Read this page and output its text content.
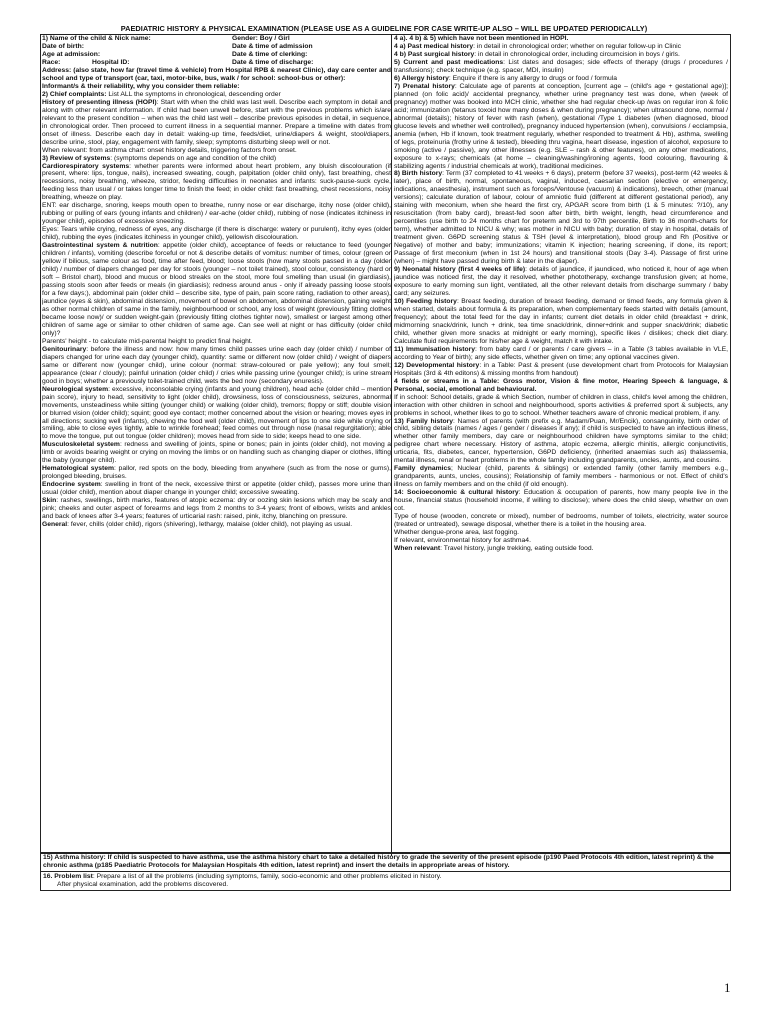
PAEDIATRIC HISTORY & PHYSICAL EXAMINATION (PLEASE USE AS A GUIDELINE FOR CASE WRITE-UP ALSO – WILL BE UPDATED PERIODICALLY)
1) Name of the child & Nick name:	Gender: Boy / Girl
Date of birth:	Date & time of admission
Age at admission:	Date & time of clerking:
Race:	Hospital ID:	Date & time of discharge:

Address: (also state, how far (travel time & vehicle) from Hospital RPB & nearest Clinic), day care center and school and type of transport (car, taxi, motor-bike, bus, walk / for school: school-bus or other):

Informant/s & their reliability, why you consider them reliable:

2) Chief complaints: List ALL the symptoms in chronological, descending order

History of presenting illness (HOPI): Start with when the child was last well. Describe each symptom in detail and along with other relevant information. If child had been unwell before, start with the previous problems which is/are relevant to the present condition – when was the child last well – describe previous episodes in detail, in sequence, in chronological order. Then proceed to current illness in a sequential manner. Prepare a timeline with dates from onset of illness. Describe each day in detail: waking-up time, feeds/diet, urine/diapers & weight, stool/diapers, describe urine, stool, play, engagement with family, sleep; symptoms disturbing sleep well or not.

When relevant: from asthma chart: onset history details, triggering factors from onset.

3) Review of systems: (symptoms depends on age and condition of the child)

Cardiorespiratory systems: whether parents were informed about heart problem, any bluish discolouration (if present, where: lips, tongue, nails), increased sweating, cough, palpitation (older child only), fast breathing, chest recessions, noisy breathing, wheeze, stridor, feeding difficulties in neonates and infants: suck-pause-suck cycle, feeding less than usual / or takes longer time to finish the feed; in older child: fast breathing, chest recessions, noisy breathing, wheeze on play.

ENT: ear discharge, snoring, keeps mouth open to breathe, runny nose or ear discharge, itchy nose (older child), rubbing or pulling of ears (young infants and children) / ear-ache (older child), rubbing of nose (indicates itchiness in younger child), episodes of excessive sneezing.

Eyes: Tears while crying, redness of eyes, any discharge (if there is discharge: watery or purulent), itchy eyes (older child), rubbing the eyes (indicates itchiness in younger child), yellowish discolouration.

Gastrointestinal system & nutrition: appetite (older child), acceptance of feeds or reluctance to feed (younger children / infants), vomiting (describe forceful or not & describe details of vomitus: number of times, colour (green or yellow if bilious, same colour as food, time after feed, blood; loose stools (how many stools passed in a day (older child) / number of diapers changed per day for stools (younger – not toilet trained), stool colour, consistency (hard or soft – Bristol chart), blood and mucus or blood streaks on the stool, more foul smelling than usual (in giardiasis), passing stools soon after feeds or meals (in giardiasis); redness around anus - only if already passing loose stools for a few days;), abdominal pain (older child – describe site, type of pain, pain score rating, radiation to other areas), jaundice (eyes & skin), abdominal distension, movement of bowel on abdomen, abdominal distension, gaining weight as other normal children of same in the family, neighbourhood or school, any loss of weight (previously fitting clothes became loose now)/ or sudden weight-gain (previously fitting clothes tighter now), smallest or largest among other children of same age or similar to other children of same age. Can see well at night or has difficulty (older child only)?

Parents' height - to calculate mid-parental height to predict final height.

Genitourinary: before the illness and now: how many times child passes urine each day (older child) / number of diapers changed for urine each day (younger child), quantity: same or different now (older child) / weight of diapers same or different now (younger child), urine colour (normal: straw-coloured or pale yellow); any foul smell; appearance (clear / cloudy); painful urination (older child) / cries while passing urine (younger child); is urine stream good in boys; whether a previously toilet-trained child, wets the bed now (secondary enuresis).

Neurological system: excessive, inconsolable crying (infants and young children), head ache (older child – mention pain score), injury to head, sensitivity to light (older child), drowsiness, loss of consciousness, seizures, abnormal movements, unsteadiness while sitting (younger child) or walking (older child), tremors; floppy or stiff; double vision or blurred vision (older child); squint; good eye contact; mother concerned about the vision or hearing; moves eyes in all directions; sucking well (infants), chewing the food well (older child), movement of lips to one side while crying or smiling, able to close eyes tightly, able to wrinkle forehead; feed comes out through nose (nasal regurgitation); able to move the tongue, put out tongue (older children); moves head from side to side; keeps head to one side.

Musculoskeletal system: redness and swelling of joints, spine or bones; pain in joints (older child), not moving a limb or avoids bearing weight or crying on moving the limbs or on handling such as changing diaper or clothes, lifting the baby (younger child).

Hematological system: pallor, red spots on the body, bleeding from anywhere (such as from the nose or gums), prolonged bleeding, bruises.

Endocrine system: swelling in front of the neck, excessive thirst or appetite (older child), passes more urine than usual (older child), mention about diaper change in younger child; excessive sweating.

Skin: rashes, swellings, birth marks, features of atopic eczema: dry or oozing skin lesions which may be scaly and pink; cheeks and outer aspect of forearms and legs from 2 months to 3-4 years; front of elbows, wrists and ankles and back of knees after 3-4 years; features of urticarial rash: raised, pink, itchy, blanching on pressure.

General: fever, chills (older child), rigors (shivering), lethargy, malaise (older child), not playing as usual.

4 a). 4 b) & 5) which have not been mentioned in HOPI.

4 a) Past medical history: in detail in chronological order; whether on regular follow-up in Clinic

4 b) Past surgical history: in detail in chronological order, including circumcision in boys / girls.

5) Current and past medications: List dates and dosages; side effects of therapy (drugs / procedures / transfusions); check technique (e.g. spacer, MDI, insulin)

6) Allergy history: Enquire if there is any allergy to drugs or food / formula

7) Prenatal history: Calculate age of parents at conception, [current age – (child's age + gestational age)]; planned (on folic acid)/ accidental pregnancy, whether urine pregnancy test was done, when (week of pregnancy) mother was booked into MCH clinic, whether she had regular check-up /was on regular iron & folic acid; immunization (tetanus toxoid how many doses & when during pregnancy); when ultrasound done, normal / abnormal (details); history of fever with rash (when), gestational /Type 1 diabetes (when diagnosed, blood glucose levels and whether well controlled), pregnancy induced hypertension (when), convulsions / ecclampsia, anemia (when, Hb if known, took treatment regularly, whether responded to treatment & Hb), asthma, swelling of legs, proteinuria (frothy urine & tested), bleeding thru vagina, heart disease, ingestion of alcohol, exposure to smoking (active / passive), any other illnesses (e.g. SLE – rash & other features), on any other medications, exposure to x-rays; chemicals (at home – cleaning/washing/ironing agents, food colouring, flavouring & stabilizing agents / industrial chemicals at work), traditional medicines.

8) Birth history: Term (37 completed to 41 weeks + 6 days), preterm (before 37 weeks), post-term (42 weeks & later), place of birth, normal, spontaneous, vaginal, induced, caesarian section (elective or emergency, indications, anaesthesia), instrument such as forceps/Ventouse (vacuum) & indications), breech, other (manual versions); calculate duration of labour, colour of amniotic fluid (different at different gestational period), any staining with meconium, when she heard the first cry, APGAR score from birth (1 & 5 minutes: ?/10), any resuscitation (from baby card), breast-fed soon after birth, birth weight, length, head circumference and percentiles (use birth to 24 months chart for preterm and 3rd to 97th percentile, Birth to 36 month-charts for term), whether admitted to NICU & why; was mother in NICU with baby; duration of stay in hospital, details of treatment given. G6PD screening status & TSH (level & interpretation), blood group and Rh (Positive or Negative) of mother and baby; immunizations; vitamin K injection; hearing screening, if done, its report; Passage of first meconium (when in 1st 24 hours) and transitional stools (Day 3-4). Passage of first urine (when) – might have passed during birth & later in the diaper).

9) Neonatal history (first 4 weeks of life): details of jaundice, if jaundiced, who noticed it, hour of age when jaundice was noticed first, the day it resolved, whether phototherapy, exchange transfusion given; at home, exposure to early morning sun light, ventilated, all the other relevant details from discharge summary / baby card; any seizures.

10) Feeding history: Breast feeding, duration of breast feeding, demand or timed feeds, any formula given & when started, details about formula & its preparation, when complementary feeds started with details (amount, frequency); about the total feed for the day in infants; current diet details in older child (breakfast + drink, midmorning snack/drink, lunch + drink, tea time snack/drink, dinner+drink and supper snack/drink; diabetic child, whether given more snacks at midnight or early morning), specific likes / dislikes; check diet diary. Calculate fluid requirements for his/her age & weight, match it with intake.

11) Immunisation history: from baby card / or parents / care givers – in a Table (3 tables available in VLE, according to Year of birth); any side effects, whether given on time; any optional vaccines given.

12) Developmental history: in a Table: Past & present (use development chart from Protocols for Malaysian Hospitals (3rd & 4th editons) & missing months from handout)

4 fields or streams in a Table: Gross motor, Vision & fine motor, Hearing Speech & language, & Personal, social, emotional and behavioural.

If in school: School details, grade & which Section, number of children in class, child's level among the children, interaction with other children in school and neighbourhood, sports activities & preferred sport & subjects, any problems in school, whether likes to go to school. Whether teachers aware of chronic medical problem, if any.

13) Family history: Names of parents (with prefix e.g. Madam/Puan, Mr/Encik), consanguinity, birth order of child, sibling details (names / ages / gender / diseases if any); if child is suspected to have an infectious illness, whether other family members, day care or neighbourhood children have symptoms similar to the child; pedigree chart where necessary. History of asthma, atopic eczema, allergic rhinitis, allergic conjunctivitis, urticaria, fits, diabetes, cancer, hypertension, G6PD deficiency, (inherited anaemias such as) thalassemia, mental illness, renal or heart problems in the whole family including grandparents, uncles, aunts, and cousins.

Family dynamics; Nuclear (child, parents & siblings) or extended family (other family members e.g., grandparents, aunts, uncles, cousins); Relationship of family members - harmonious or not. Effect of child's illness on family members and on the child (if old enough).

14: Socioeconomic & cultural history: Education & occupation of parents, how many people live in the house, financial status (household income, if willing to disclose); where does the child sleep, whether on own cot.

Type of house (wooden, concrete or mixed), number of bedrooms, number of toilets, electricity, water source (treated or untreated), sewage disposal, whether there is a toilet in the housing area.

Whether dengue-prone area, last fogging.

If relevant, environmental history for asthma4.

When relevant: Travel history, jungle trekking, eating outside food.

15) Asthma history: If child is suspected to have asthma, use the asthma history chart to take a detailed history to grade the severity of the present episode (p190 Paed Protocols 4th edition, latest reprint) & the chronic asthma (p185 Paediatric Protocols for Malaysian Hospitals 4th edition, latest reprint) and insert the details in appropriate areas of history.
16. Problem list: Prepare a list of all the problems (including symptoms, family, socio-economic and other problems elicited in history.
After physical examination, add the problems discovered.
1
